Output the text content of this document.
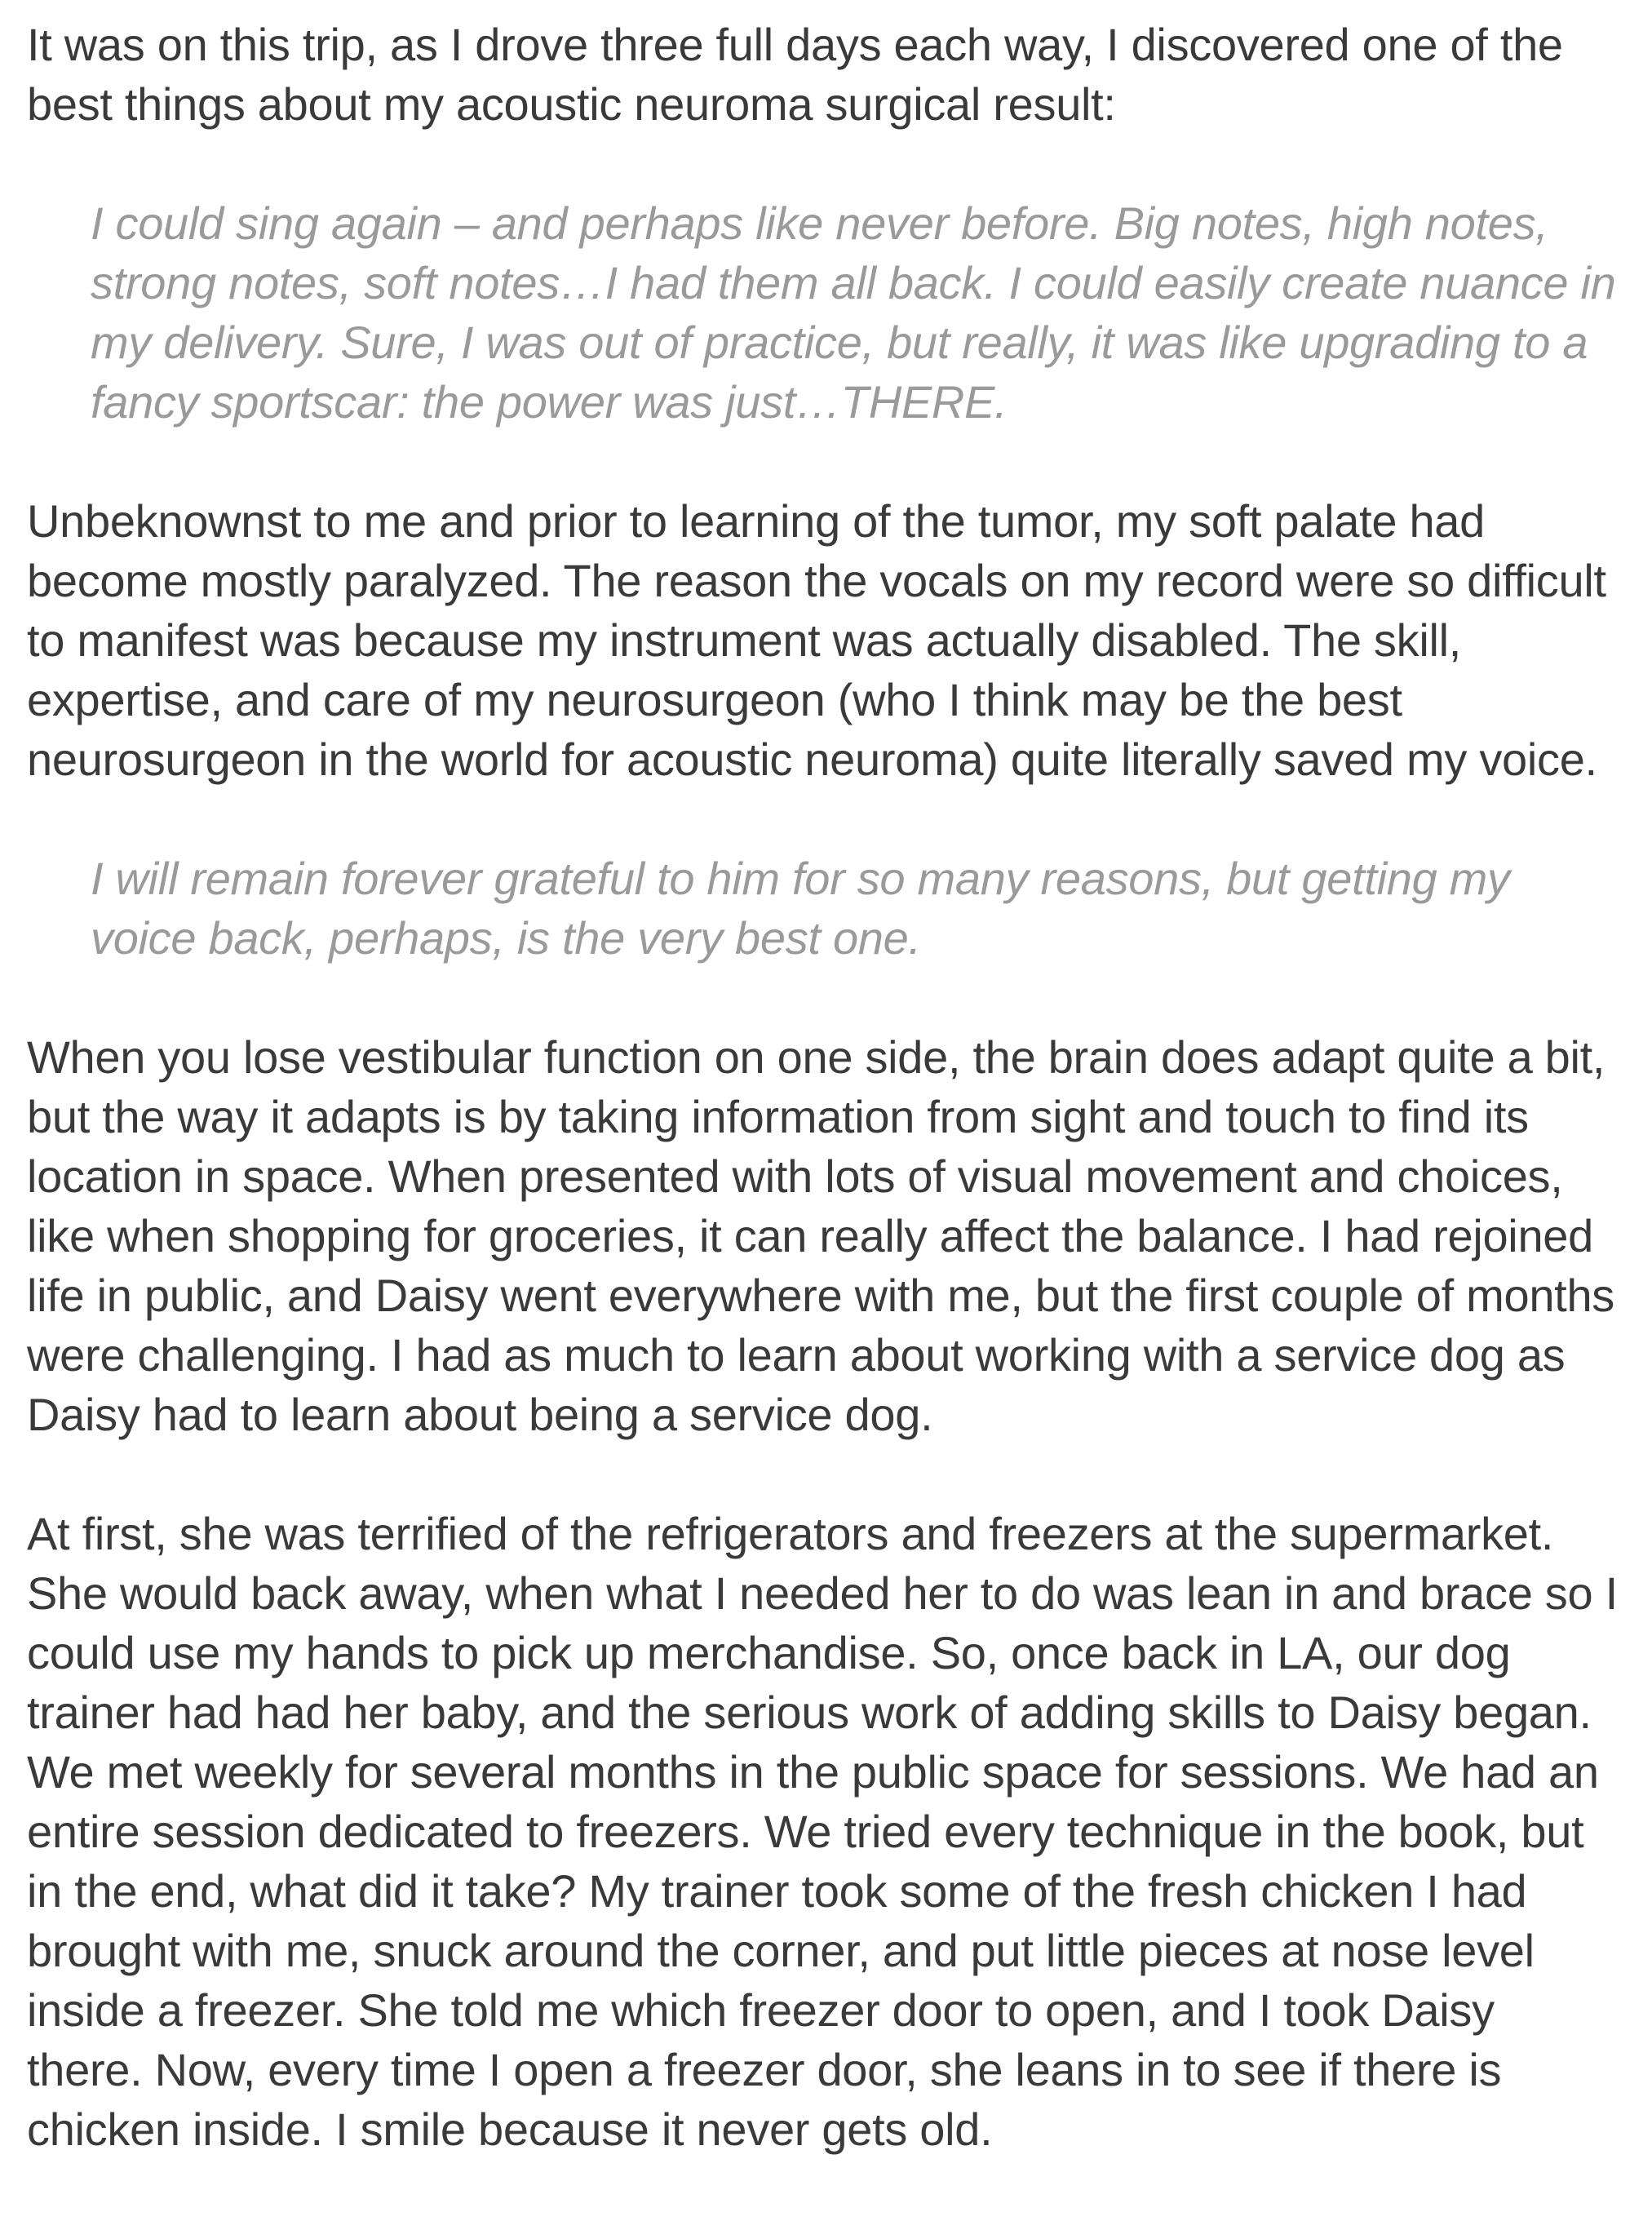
It was on this trip, as I drove three full days each way, I discovered one of the best things about my acoustic neuroma surgical result:

I could sing again – and perhaps like never before. Big notes, high notes, strong notes, soft notes…I had them all back. I could easily create nuance in my delivery. Sure, I was out of practice, but really, it was like upgrading to a fancy sportscar: the power was just…THERE.

Unbeknownst to me and prior to learning of the tumor, my soft palate had become mostly paralyzed. The reason the vocals on my record were so difficult to manifest was because my instrument was actually disabled. The skill, expertise, and care of my neurosurgeon (who I think may be the best neurosurgeon in the world for acoustic neuroma) quite literally saved my voice.

I will remain forever grateful to him for so many reasons, but getting my voice back, perhaps, is the very best one.

When you lose vestibular function on one side, the brain does adapt quite a bit, but the way it adapts is by taking information from sight and touch to find its location in space. When presented with lots of visual movement and choices, like when shopping for groceries, it can really affect the balance. I had rejoined life in public, and Daisy went everywhere with me, but the first couple of months were challenging. I had as much to learn about working with a service dog as Daisy had to learn about being a service dog.

At first, she was terrified of the refrigerators and freezers at the supermarket. She would back away, when what I needed her to do was lean in and brace so I could use my hands to pick up merchandise. So, once back in LA, our dog trainer had had her baby, and the serious work of adding skills to Daisy began. We met weekly for several months in the public space for sessions. We had an entire session dedicated to freezers. We tried every technique in the book, but in the end, what did it take? My trainer took some of the fresh chicken I had brought with me, snuck around the corner, and put little pieces at nose level inside a freezer. She told me which freezer door to open, and I took Daisy there. Now, every time I open a freezer door, she leans in to see if there is chicken inside. I smile because it never gets old.
